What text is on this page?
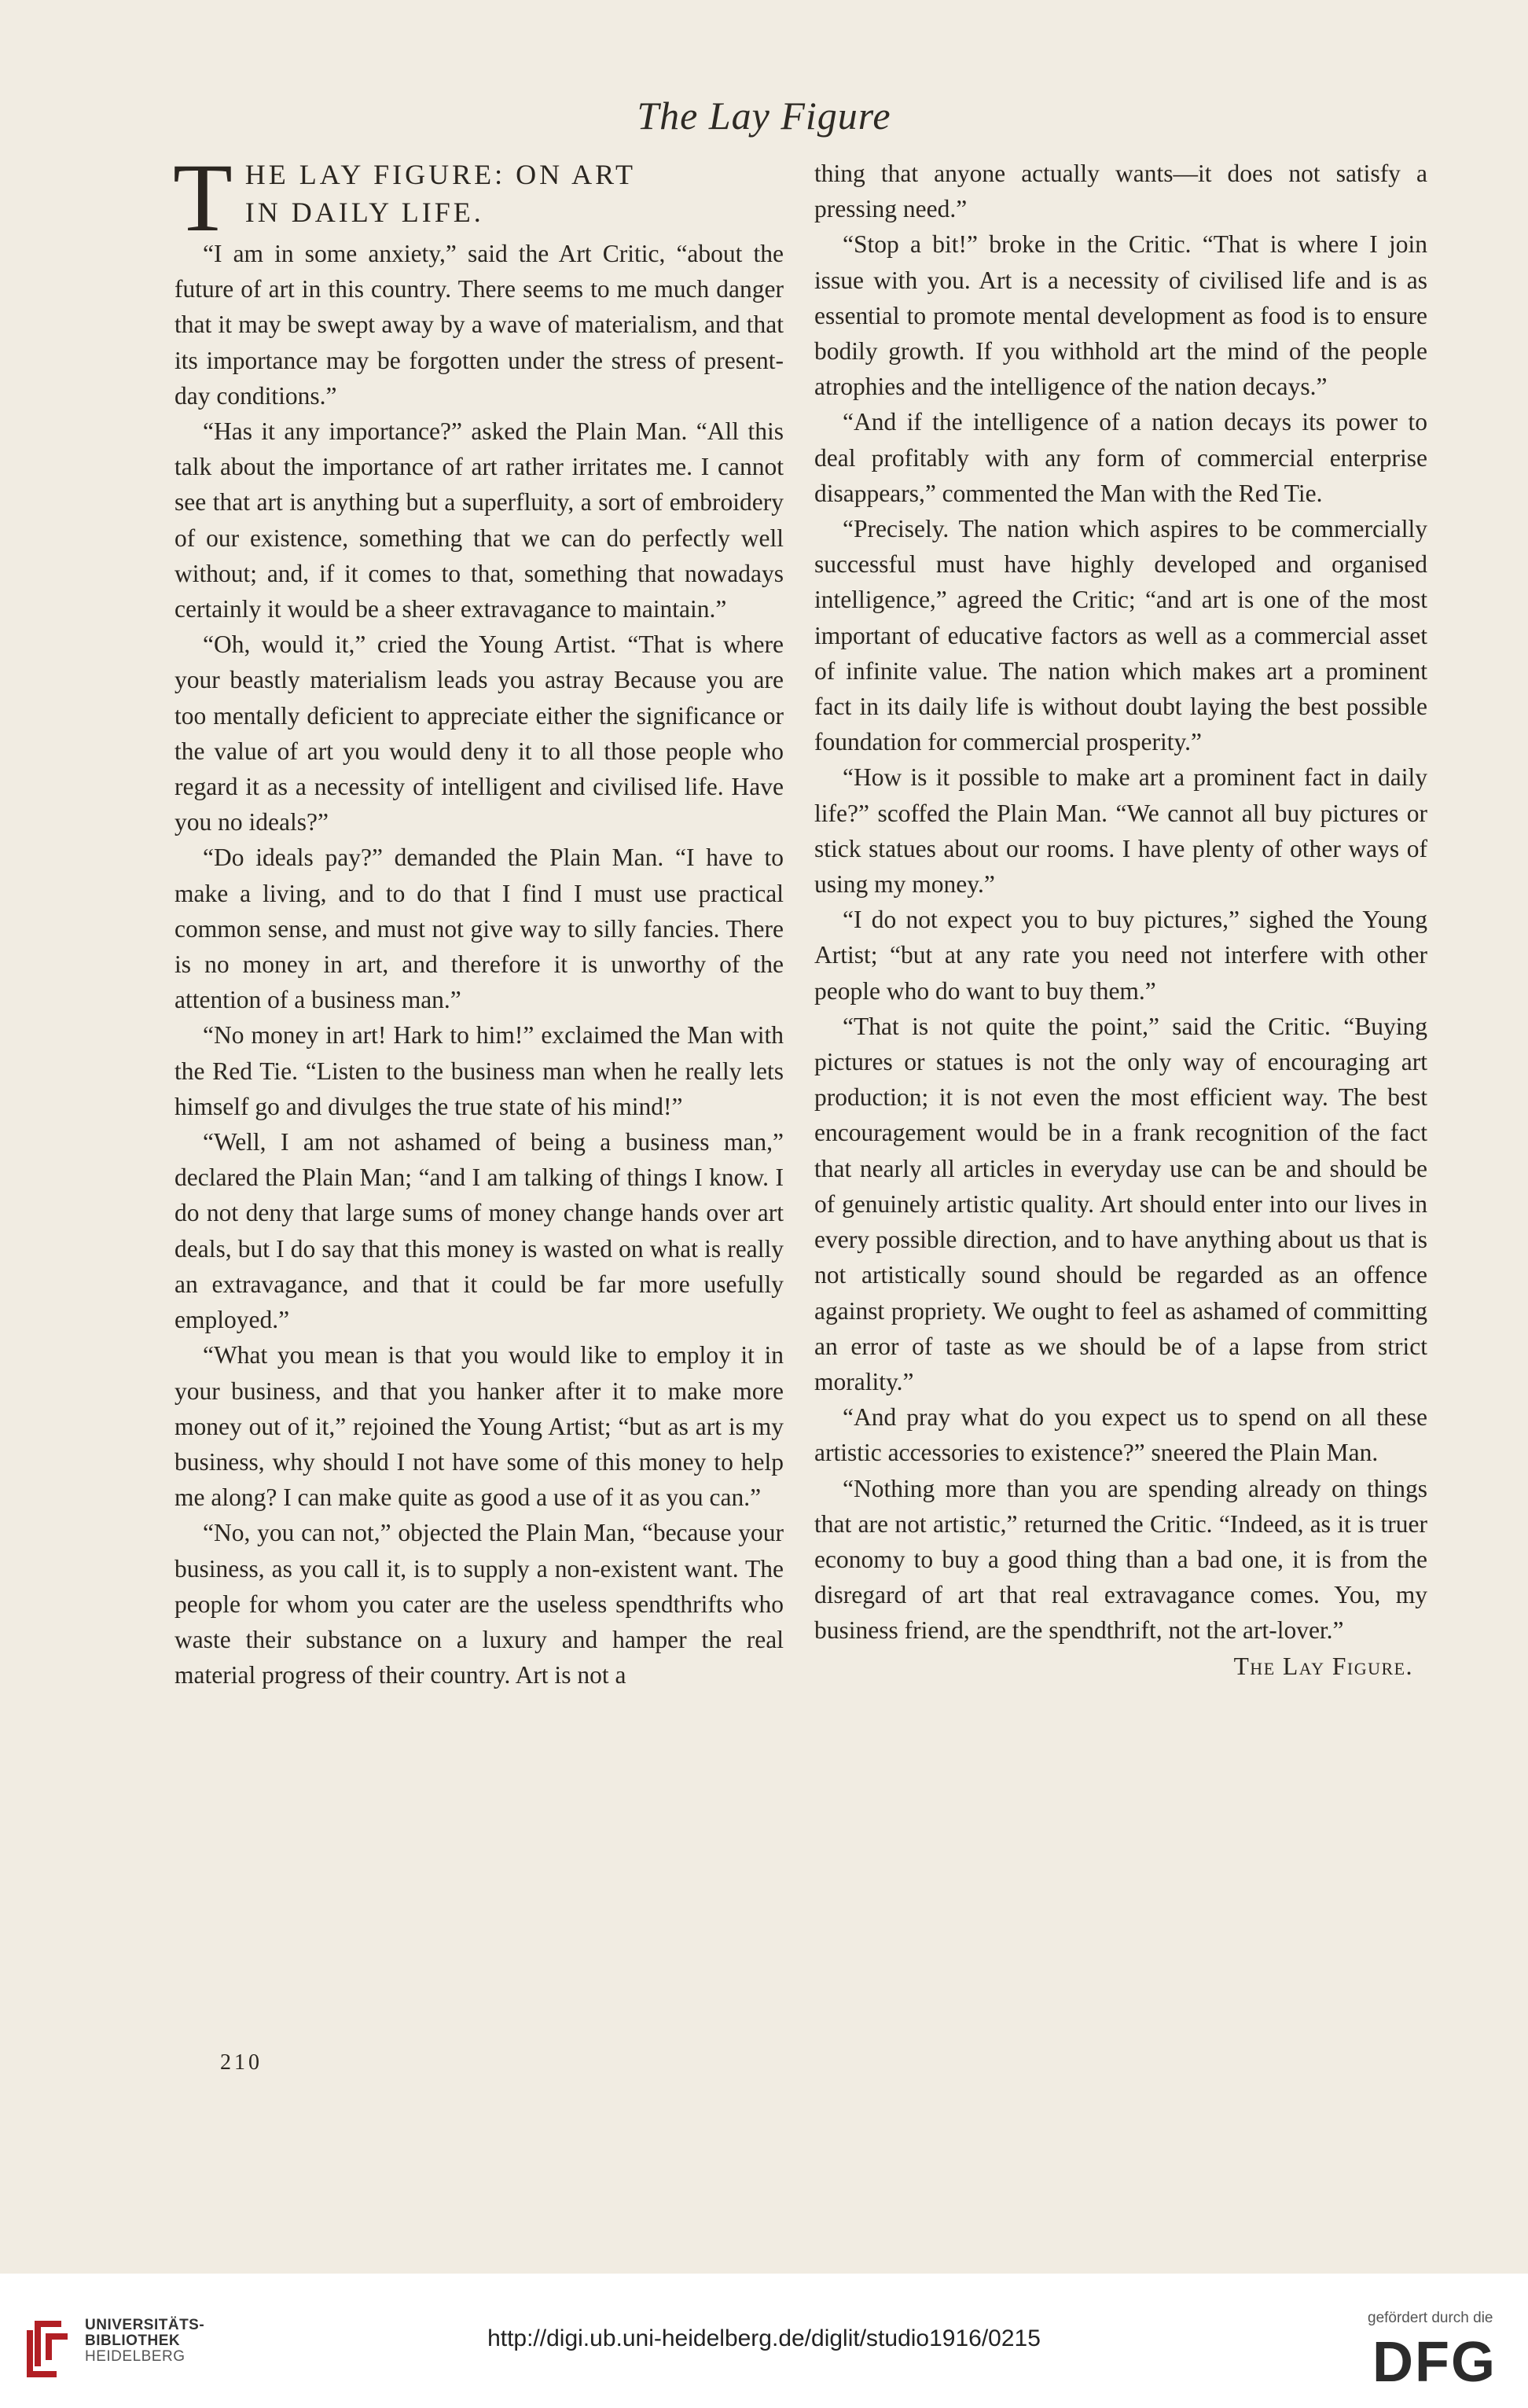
The Lay Figure
T HE LAY FIGURE: ON ART
IN DAILY LIFE.

“I am in some anxiety,” said the Art Critic, “about the future of art in this country. There seems to me much danger that it may be swept away by a wave of materialism, and that its importance may be forgotten under the stress of present-day conditions.”

“Has it any importance?” asked the Plain Man. “All this talk about the importance of art rather irritates me. I cannot see that art is anything but a superfluity, a sort of embroidery of our existence, something that we can do perfectly well without; and, if it comes to that, something that nowadays certainly it would be a sheer extravagance to maintain.”

“Oh, would it,” cried the Young Artist. “That is where your beastly materialism leads you astray Because you are too mentally deficient to appreciate either the significance or the value of art you would deny it to all those people who regard it as a necessity of intelligent and civilised life. Have you no ideals?”

“Do ideals pay?” demanded the Plain Man. “I have to make a living, and to do that I find I must use practical common sense, and must not give way to silly fancies. There is no money in art, and therefore it is unworthy of the attention of a business man.”

“No money in art! Hark to him!” exclaimed the Man with the Red Tie. “Listen to the business man when he really lets himself go and divulges the true state of his mind!”

“Well, I am not ashamed of being a business man,” declared the Plain Man; “and I am talking of things I know. I do not deny that large sums of money change hands over art deals, but I do say that this money is wasted on what is really an extravagance, and that it could be far more usefully employed.”

“What you mean is that you would like to employ it in your business, and that you hanker after it to make more money out of it,” rejoined the Young Artist; “but as art is my business, why should I not have some of this money to help me along? I can make quite as good a use of it as you can.”

“No, you can not,” objected the Plain Man, “because your business, as you call it, is to supply a non-existent want. The people for whom you cater are the useless spendthrifts who waste their substance on a luxury and hamper the real material progress of their country. Art is not a

thing that anyone actually wants—it does not satisfy a pressing need.”

“Stop a bit!” broke in the Critic. “That is where I join issue with you. Art is a necessity of civilised life and is as essential to promote mental development as food is to ensure bodily growth. If you withhold art the mind of the people atrophies and the intelligence of the nation decays.”

“And if the intelligence of a nation decays its power to deal profitably with any form of commercial enterprise disappears,” commented the Man with the Red Tie.

“Precisely. The nation which aspires to be commercially successful must have highly developed and organised intelligence,” agreed the Critic; “and art is one of the most important of educative factors as well as a commercial asset of infinite value. The nation which makes art a prominent fact in its daily life is without doubt laying the best possible foundation for commercial prosperity.”

“How is it possible to make art a prominent fact in daily life?” scoffed the Plain Man. “We cannot all buy pictures or stick statues about our rooms. I have plenty of other ways of using my money.”

“I do not expect you to buy pictures,” sighed the Young Artist; “but at any rate you need not interfere with other people who do want to buy them.”

“That is not quite the point,” said the Critic. “Buying pictures or statues is not the only way of encouraging art production; it is not even the most efficient way. The best encouragement would be in a frank recognition of the fact that nearly all articles in everyday use can be and should be of genuinely artistic quality. Art should enter into our lives in every possible direction, and to have anything about us that is not artistically sound should be regarded as an offence against propriety. We ought to feel as ashamed of committing an error of taste as we should be of a lapse from strict morality.”

“And pray what do you expect us to spend on all these artistic accessories to existence?” sneered the Plain Man.

“Nothing more than you are spending already on things that are not artistic,” returned the Critic. “Indeed, as it is truer economy to buy a good thing than a bad one, it is from the disregard of art that real extravagance comes. You, my business friend, are the spendthrift, not the art-lover.”
The Lay Figure.

210
UNIVERSITÄTS-
BIBLIOTHEK
HEIDELBERG
http://digi.ub.uni-heidelberg.de/diglit/studio1916/0215
gefördert durch die
DFG
